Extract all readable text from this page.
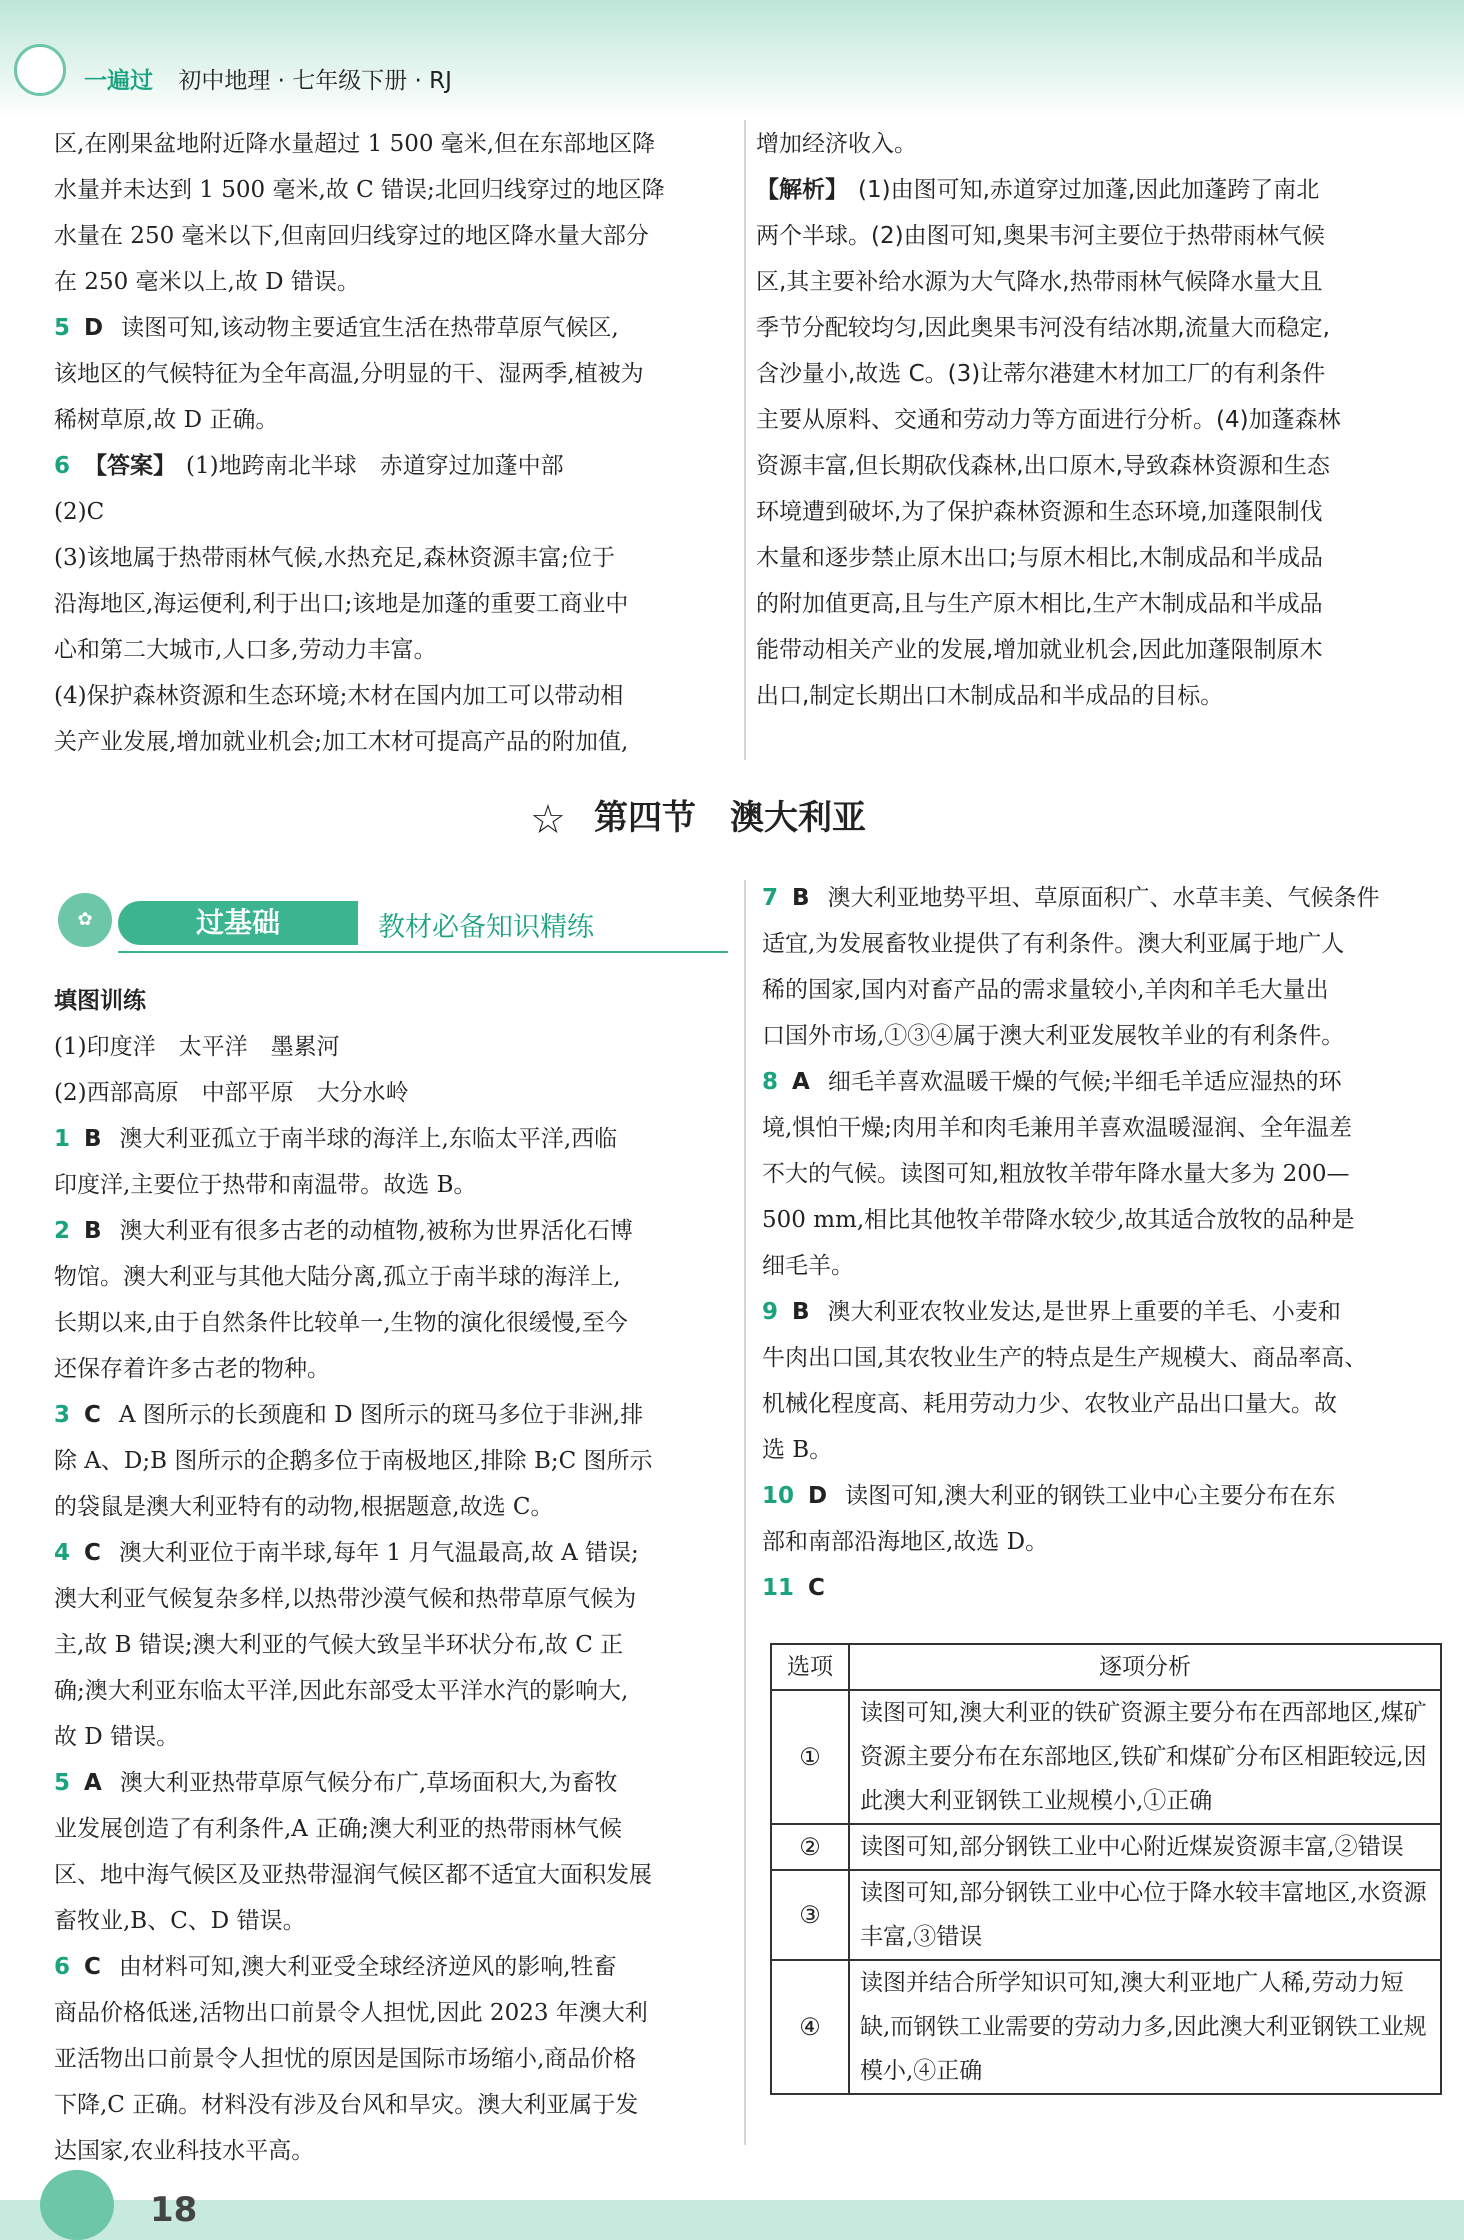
一遍过 初中地理 · 七年级下册 · RJ

区,在刚果盆地附近降水量超过 1 500 毫米,但在东部地区降

水量并未达到 1 500 毫米,故 C 错误;北回归线穿过的地区降

水量在 250 毫米以下,但南回归线穿过的地区降水量大部分

在 250 毫米以上,故 D 错误。

5 D 读图可知,该动物主要适宜生活在热带草原气候区,

该地区的气候特征为全年高温,分明显的干、湿两季,植被为

稀树草原,故 D 正确。

6 【答案】 (1)地跨南北半球　赤道穿过加蓬中部

(2)C

(3)该地属于热带雨林气候,水热充足,森林资源丰富;位于

沿海地区,海运便利,利于出口;该地是加蓬的重要工商业中

心和第二大城市,人口多,劳动力丰富。

(4)保护森林资源和生态环境;木材在国内加工可以带动相

关产业发展,增加就业机会;加工木材可提高产品的附加值,

增加经济收入。

【解析】 (1)由图可知,赤道穿过加蓬,因此加蓬跨了南北

两个半球。(2)由图可知,奥果韦河主要位于热带雨林气候

区,其主要补给水源为大气降水,热带雨林气候降水量大且

季节分配较均匀,因此奥果韦河没有结冰期,流量大而稳定,

含沙量小,故选 C。(3)让蒂尔港建木材加工厂的有利条件

主要从原料、交通和劳动力等方面进行分析。(4)加蓬森林

资源丰富,但长期砍伐森林,出口原木,导致森林资源和生态

环境遭到破坏,为了保护森林资源和生态环境,加蓬限制伐

木量和逐步禁止原木出口;与原木相比,木制成品和半成品

的附加值更高,且与生产原木相比,生产木制成品和半成品

能带动相关产业的发展,增加就业机会,因此加蓬限制原木

出口,制定长期出口木制成品和半成品的目标。

☆ 第四节　澳大利亚
✿	过基础	教材必备知识精练

填图训练

(1)印度洋　太平洋　墨累河

(2)西部高原　中部平原　大分水岭

1 B 澳大利亚孤立于南半球的海洋上,东临太平洋,西临

印度洋,主要位于热带和南温带。故选 B。

2 B 澳大利亚有很多古老的动植物,被称为世界活化石博

物馆。澳大利亚与其他大陆分离,孤立于南半球的海洋上,

长期以来,由于自然条件比较单一,生物的演化很缓慢,至今

还保存着许多古老的物种。

3 C A 图所示的长颈鹿和 D 图所示的斑马多位于非洲,排

除 A、D;B 图所示的企鹅多位于南极地区,排除 B;C 图所示

的袋鼠是澳大利亚特有的动物,根据题意,故选 C。

4 C 澳大利亚位于南半球,每年 1 月气温最高,故 A 错误;

澳大利亚气候复杂多样,以热带沙漠气候和热带草原气候为

主,故 B 错误;澳大利亚的气候大致呈半环状分布,故 C 正

确;澳大利亚东临太平洋,因此东部受太平洋水汽的影响大,

故 D 错误。

5 A 澳大利亚热带草原气候分布广,草场面积大,为畜牧

业发展创造了有利条件,A 正确;澳大利亚的热带雨林气候

区、地中海气候区及亚热带湿润气候区都不适宜大面积发展

畜牧业,B、C、D 错误。

6 C 由材料可知,澳大利亚受全球经济逆风的影响,牲畜

商品价格低迷,活物出口前景令人担忧,因此 2023 年澳大利

亚活物出口前景令人担忧的原因是国际市场缩小,商品价格

下降,C 正确。材料没有涉及台风和旱灾。澳大利亚属于发

达国家,农业科技水平高。

7 B 澳大利亚地势平坦、草原面积广、水草丰美、气候条件

适宜,为发展畜牧业提供了有利条件。澳大利亚属于地广人

稀的国家,国内对畜产品的需求量较小,羊肉和羊毛大量出

口国外市场,①③④属于澳大利亚发展牧羊业的有利条件。

8 A 细毛羊喜欢温暖干燥的气候;半细毛羊适应湿热的环

境,惧怕干燥;肉用羊和肉毛兼用羊喜欢温暖湿润、全年温差

不大的气候。读图可知,粗放牧羊带年降水量大多为 200—

500 mm,相比其他牧羊带降水较少,故其适合放牧的品种是

细毛羊。

9 B 澳大利亚农牧业发达,是世界上重要的羊毛、小麦和

牛肉出口国,其农牧业生产的特点是生产规模大、商品率高、

机械化程度高、耗用劳动力少、农牧业产品出口量大。故

选 B。

10 D 读图可知,澳大利亚的钢铁工业中心主要分布在东

部和南部沿海地区,故选 D。

11 C

选项	逐项分析
①	读图可知,澳大利亚的铁矿资源主要分布在西部地区,煤矿资源主要分布在东部地区,铁矿和煤矿分布区相距较远,因此澳大利亚钢铁工业规模小,①正确
②	读图可知,部分钢铁工业中心附近煤炭资源丰富,②错误
③	读图可知,部分钢铁工业中心位于降水较丰富地区,水资源丰富,③错误
④	读图并结合所学知识可知,澳大利亚地广人稀,劳动力短缺,而钢铁工业需要的劳动力多,因此澳大利亚钢铁工业规模小,④正确
18
